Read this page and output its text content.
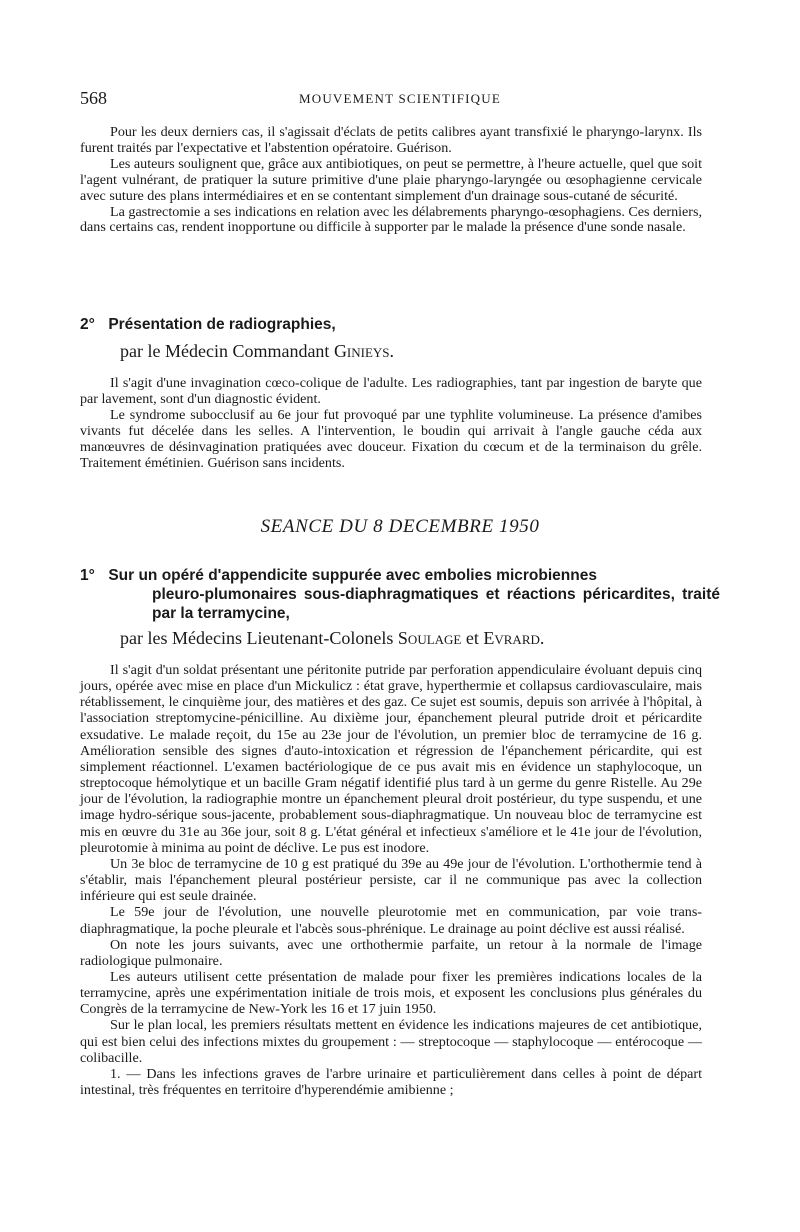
568	MOUVEMENT SCIENTIFIQUE

Pour les deux derniers cas, il s'agissait d'éclats de petits calibres ayant transfixié le pharyngo-larynx. Ils furent traités par l'expectative et l'abstention opératoire. Guérison.

Les auteurs soulignent que, grâce aux antibiotiques, on peut se permettre, à l'heure actuelle, quel que soit l'agent vulnérant, de pratiquer la suture primitive d'une plaie pharyngo-laryngée ou œsophagienne cervicale avec suture des plans intermédiaires et en se contentant simplement d'un drainage sous-cutané de sécurité.

La gastrectomie a ses indications en relation avec les délabrements pharyngo-œsophagiens. Ces derniers, dans certains cas, rendent inopportune ou difficile à supporter par le malade la présence d'une sonde nasale.

2° Présentation de radiographies,
par le Médecin Commandant Ginieys.

Il s'agit d'une invagination cœco-colique de l'adulte. Les radiographies, tant par ingestion de baryte que par lavement, sont d'un diagnostic évident.

Le syndrome subocclusif au 6e jour fut provoqué par une typhlite volumineuse. La présence d'amibes vivants fut décelée dans les selles. A l'intervention, le boudin qui arrivait à l'angle gauche céda aux manœuvres de désinvagination pratiquées avec douceur. Fixation du cœcum et de la terminaison du grêle. Traitement émétinien. Guérison sans incidents.

SEANCE DU 8 DECEMBRE 1950
1° Sur un opéré d'appendicite suppurée avec embolies microbiennes
pleuro-plumonaires sous-diaphragmatiques et réactions péricardites, traité par la terramycine,
par les Médecins Lieutenant-Colonels Soulage et Evrard.

Il s'agit d'un soldat présentant une péritonite putride par perforation appendiculaire évoluant depuis cinq jours, opérée avec mise en place d'un Mickulicz : état grave, hyperthermie et collapsus cardiovasculaire, mais rétablissement, le cinquième jour, des matières et des gaz. Ce sujet est soumis, depuis son arrivée à l'hôpital, à l'association streptomycine-pénicilline. Au dixième jour, épanchement pleural putride droit et péricardite exsudative. Le malade reçoit, du 15e au 23e jour de l'évolution, un premier bloc de terramycine de 16 g. Amélioration sensible des signes d'auto-intoxication et régression de l'épanchement péricardite, qui est simplement réactionnel. L'examen bactériologique de ce pus avait mis en évidence un staphylocoque, un streptocoque hémolytique et un bacille Gram négatif identifié plus tard à un germe du genre Ristelle. Au 29e jour de l'évolution, la radiographie montre un épanchement pleural droit postérieur, du type suspendu, et une image hydro-sérique sous-jacente, probablement sous-diaphragmatique. Un nouveau bloc de terramycine est mis en œuvre du 31e au 36e jour, soit 8 g. L'état général et infectieux s'améliore et le 41e jour de l'évolution, pleurotomie à minima au point de déclive. Le pus est inodore.

Un 3e bloc de terramycine de 10 g est pratiqué du 39e au 49e jour de l'évolution. L'orthothermie tend à s'établir, mais l'épanchement pleural postérieur persiste, car il ne communique pas avec la collection inférieure qui est seule drainée.

Le 59e jour de l'évolution, une nouvelle pleurotomie met en communication, par voie trans-diaphragmatique, la poche pleurale et l'abcès sous-phrénique. Le drainage au point déclive est aussi réalisé.

On note les jours suivants, avec une orthothermie parfaite, un retour à la normale de l'image radiologique pulmonaire.

Les auteurs utilisent cette présentation de malade pour fixer les premières indications locales de la terramycine, après une expérimentation initiale de trois mois, et exposent les conclusions plus générales du Congrès de la terramycine de New-York les 16 et 17 juin 1950.

Sur le plan local, les premiers résultats mettent en évidence les indications majeures de cet antibiotique, qui est bien celui des infections mixtes du groupement : — streptocoque — staphylocoque — entérocoque — colibacille.

1. — Dans les infections graves de l'arbre urinaire et particulièrement dans celles à point de départ intestinal, très fréquentes en territoire d'hyperendémie amibienne ;
